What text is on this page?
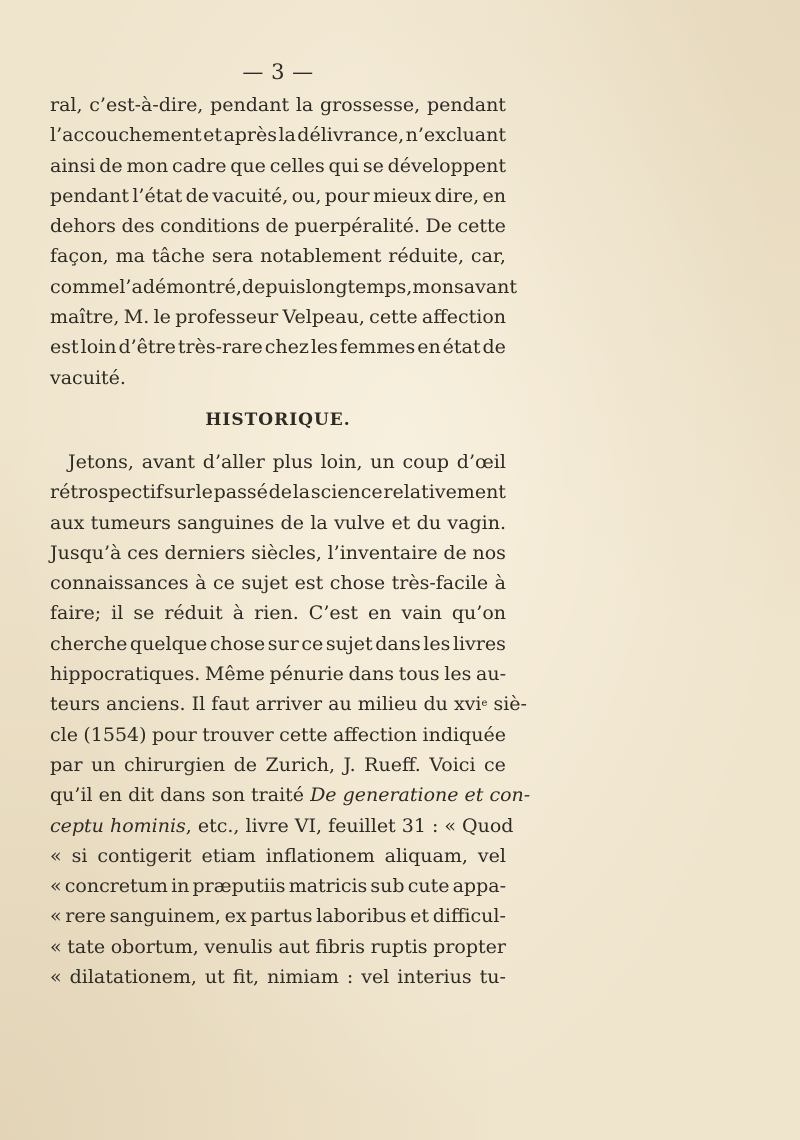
— 3 —
ral, c’est-à-dire, pendant la grossesse, pendant
l’accouchement et après la délivrance, n’excluant
ainsi de mon cadre que celles qui se développent
pendant l’état de vacuité, ou, pour mieux dire, en
dehors des conditions de puerpéralité. De cette
façon, ma tâche sera notablement réduite, car,
comme l’a démontré, depuis longtemps, mon savant
maître, M. le professeur Velpeau, cette affection
est loin d’être très-rare chez les femmes en état de
vacuité.
HISTORIQUE.
Jetons, avant d’aller plus loin, un coup d’œil
rétrospectif sur le passé de la science relativement
aux tumeurs sanguines de la vulve et du vagin.
Jusqu’à ces derniers siècles, l’inventaire de nos
connaissances à ce sujet est chose très-facile à
faire; il se réduit à rien. C’est en vain qu’on
cherche quelque chose sur ce sujet dans les livres
hippocratiques. Même pénurie dans tous les au-
teurs anciens. Il faut arriver au milieu du xvi e siè-
cle (1554) pour trouver cette affection indiquée
par un chirurgien de Zurich, J. Rueff. Voici ce
qu’il en dit dans son traité De generatione et con-
ceptu hominis , etc., livre VI, feuillet 31 : « Quod
« si contigerit etiam inflationem aliquam, vel
« concretum in præputiis matricis sub cute appa-
« rere sanguinem, ex partus laboribus et difficul-
« tate obortum, venulis aut fibris ruptis propter
« dilatationem, ut fit, nimiam : vel interius tu-
